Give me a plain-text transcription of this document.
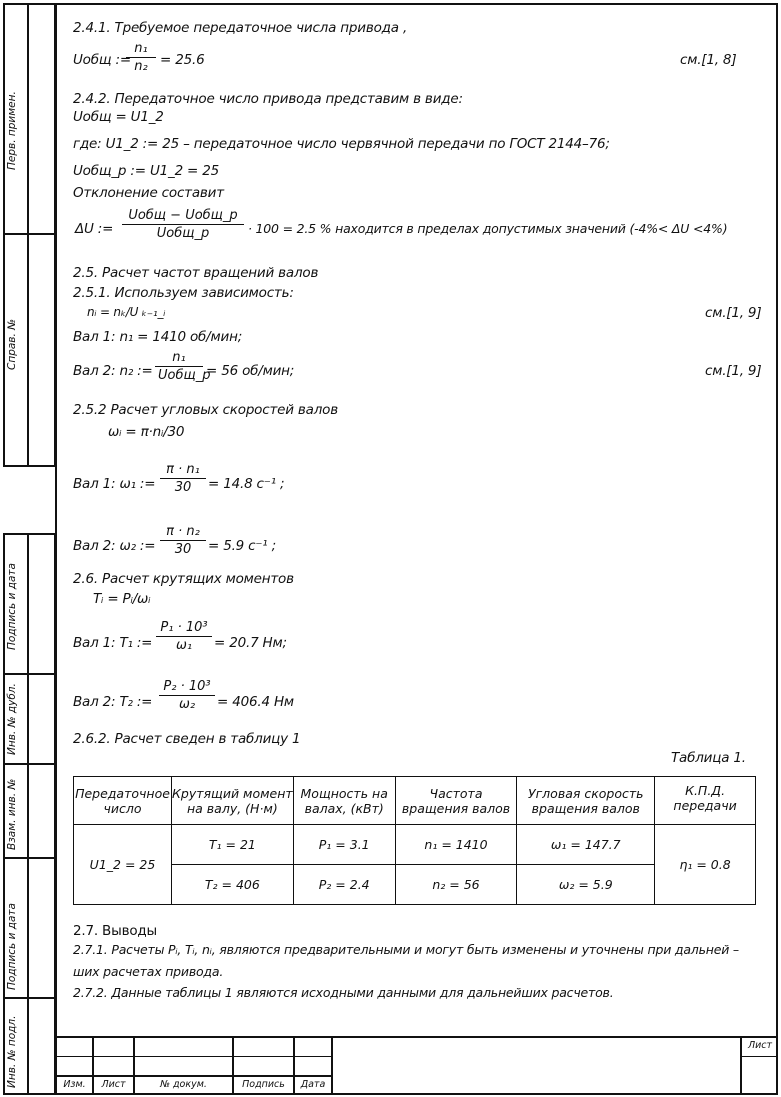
Перв. примен.
Справ. №
Подпись и дата
Инв. № дубл.
Взам. инв. №
Подпись и дата
Инв. № подл.
2.4.1. Требуемое передаточное числа привода ,
Uобщ :=
n₁
n₂ = 25.6	см.[1, 8]
2.4.2. Передаточное число привода представим в виде:
Uобщ = U1_2
где: U1_2 := 25 – передаточное число червячной передачи по ГОСТ 2144–76;
Uобщ_р := U1_2 = 25
Отклонение составит
ΔU :=
Uобщ − Uобщ_р
Uобщ_р	· 100 = 2.5 % находится в пределах допустимых значений (-4%< ΔU <4%)
2.5. Расчет частот вращений валов
2.5.1. Используем зависимость:
nᵢ = nₖ/U ₖ₋₁_ᵢ	см.[1, 9]
Вал 1: n₁ = 1410 об/мин;
Вал 2: n₂ :=
n₁
Uобщ_р
= 56 об/мин;	см.[1, 9]
2.5.2 Расчет угловых скоростей валов
ωᵢ = π·nᵢ/30
Вал 1: ω₁ :=
π · n₁
30	= 14.8 c⁻¹ ;
Вал 2: ω₂ :=
π · n₂
30	= 5.9 c⁻¹ ;
2.6. Расчет крутящих моментов
Tᵢ = Pᵢ/ωᵢ
Вал 1: T₁ :=
P₁ · 10³
ω₁	= 20.7 Нм;
Вал 2: T₂ :=
P₂ · 10³
ω₂	= 406.4 Нм
2.6.2. Расчет сведен в таблицу 1
Таблица 1.
Передаточное число	Крутящий момент на валу, (Н·м)	Мощность на валах, (кВт)	Частота вращения валов	Угловая скорость вращения валов	К.П.Д. передачи
U1_2 = 25	T₁ = 21	P₁ = 3.1	n₁ = 1410	ω₁ = 147.7	η₁ = 0.8
	T₂ = 406	P₂ = 2.4	n₂ = 56	ω₂ = 5.9	
2.7. Выводы
2.7.1. Расчеты Pᵢ, Tᵢ, nᵢ, являются предварительными и могут быть изменены и уточнены при дальней –
ших расчетах привода.
2.7.2. Данные таблицы 1 являются исходными данными для дальнейших расчетов.
Лист
Изм.	Лист	№ докум.	Подпись	Дата
